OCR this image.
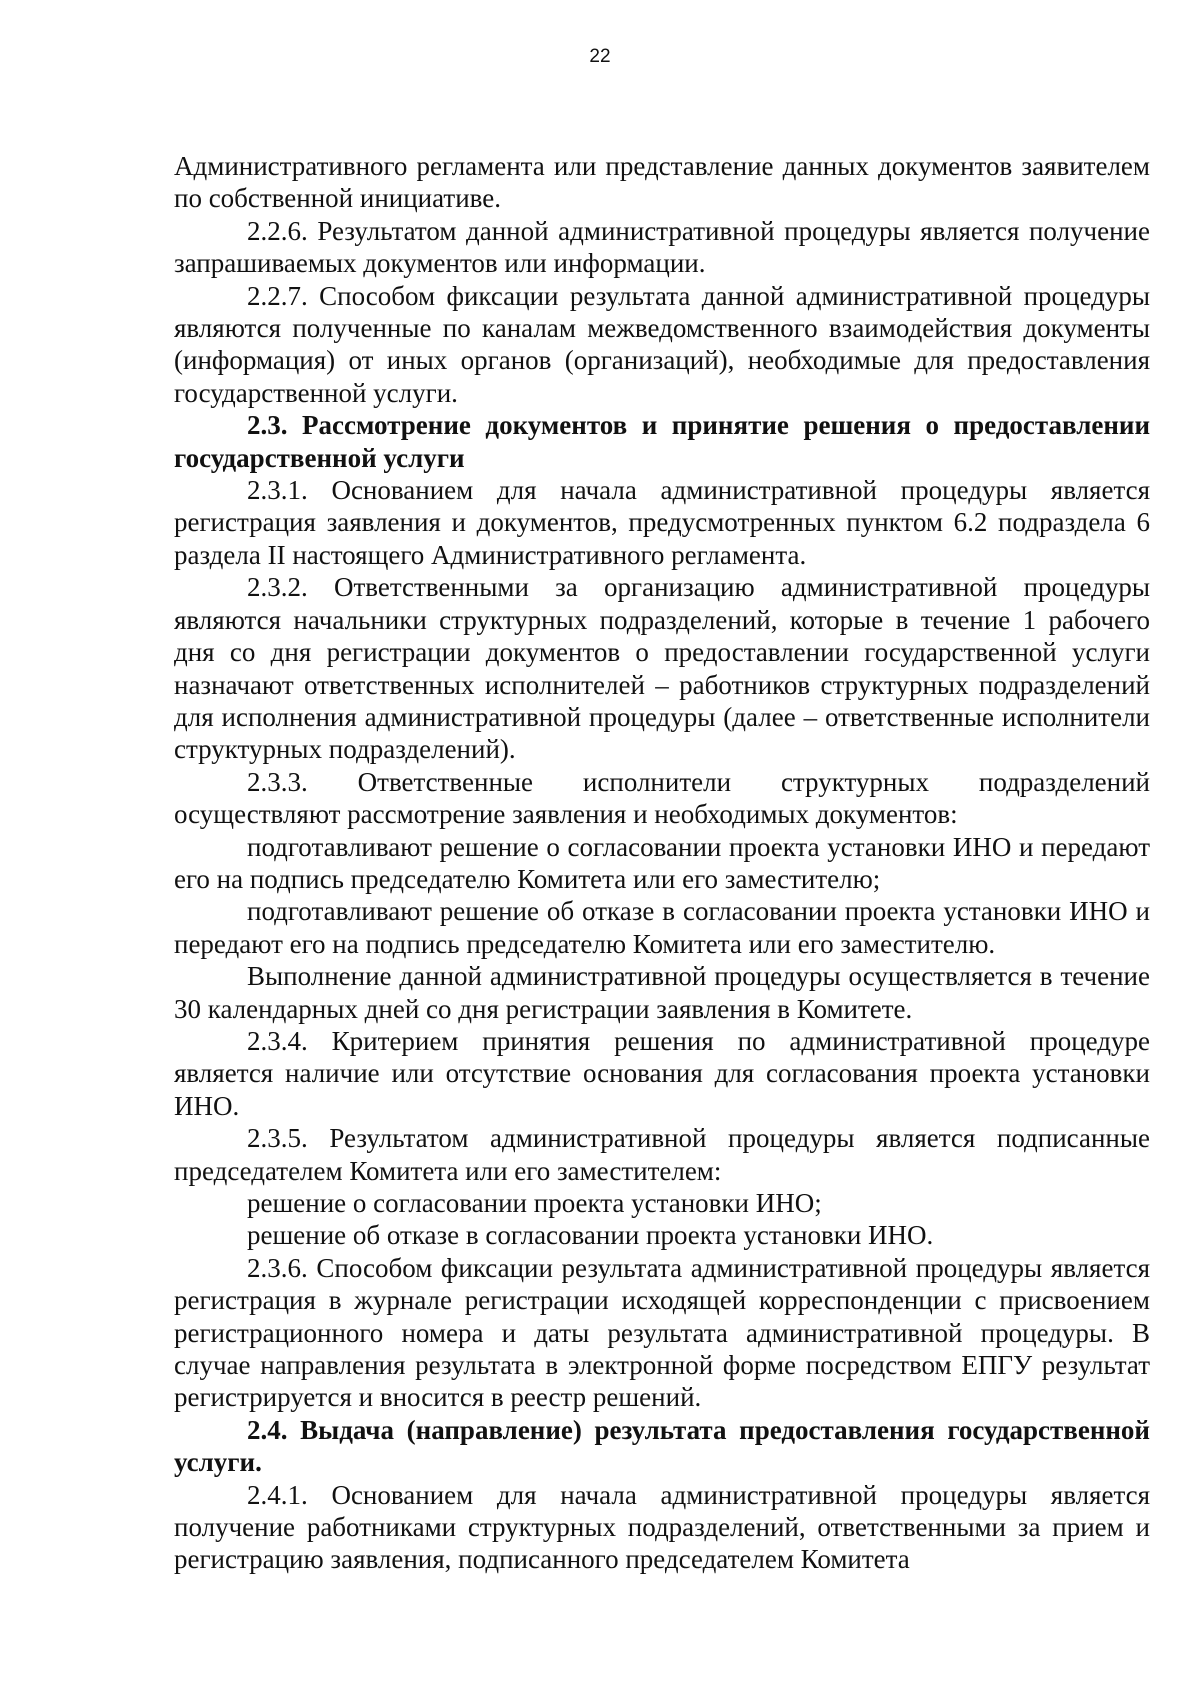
22

Административного регламента или представление данных документов заявителем по собственной инициативе.

2.2.6. Результатом данной административной процедуры является получение запрашиваемых документов или информации.

2.2.7. Способом фиксации результата данной административной процедуры являются полученные по каналам межведомственного взаимодействия документы (информация) от иных органов (организаций), необходимые для предоставления государственной услуги.

2.3. Рассмотрение документов и принятие решения о предоставлении государственной услуги

2.3.1. Основанием для начала административной процедуры является регистрация заявления и документов, предусмотренных пунктом 6.2 подраздела 6 раздела II настоящего Административного регламента.

2.3.2. Ответственными за организацию административной процедуры являются начальники структурных подразделений, которые в течение 1 рабочего дня со дня регистрации документов о предоставлении государственной услуги назначают ответственных исполнителей – работников структурных подразделений для исполнения административной процедуры (далее – ответственные исполнители структурных подразделений).

2.3.3. Ответственные исполнители структурных подразделений осуществляют рассмотрение заявления и необходимых документов:

подготавливают решение о согласовании проекта установки ИНО и передают его на подпись председателю Комитета или его заместителю;

подготавливают решение об отказе в согласовании проекта установки ИНО и передают его на подпись председателю Комитета или его заместителю.

Выполнение данной административной процедуры осуществляется в течение 30 календарных дней со дня регистрации заявления в Комитете.

2.3.4. Критерием принятия решения по административной процедуре является наличие или отсутствие основания для согласования проекта установки ИНО.

2.3.5. Результатом административной процедуры является подписанные председателем Комитета или его заместителем:

решение о согласовании проекта установки ИНО;

решение об отказе в согласовании проекта установки ИНО.

2.3.6. Способом фиксации результата административной процедуры является регистрация в журнале регистрации исходящей корреспонденции с присвоением регистрационного номера и даты результата административной процедуры. В случае направления результата в электронной форме посредством ЕПГУ результат регистрируется и вносится в реестр решений.

2.4. Выдача (направление) результата предоставления государственной услуги.

2.4.1. Основанием для начала административной процедуры является получение работниками структурных подразделений, ответственными за прием и регистрацию заявления, подписанного председателем Комитета
